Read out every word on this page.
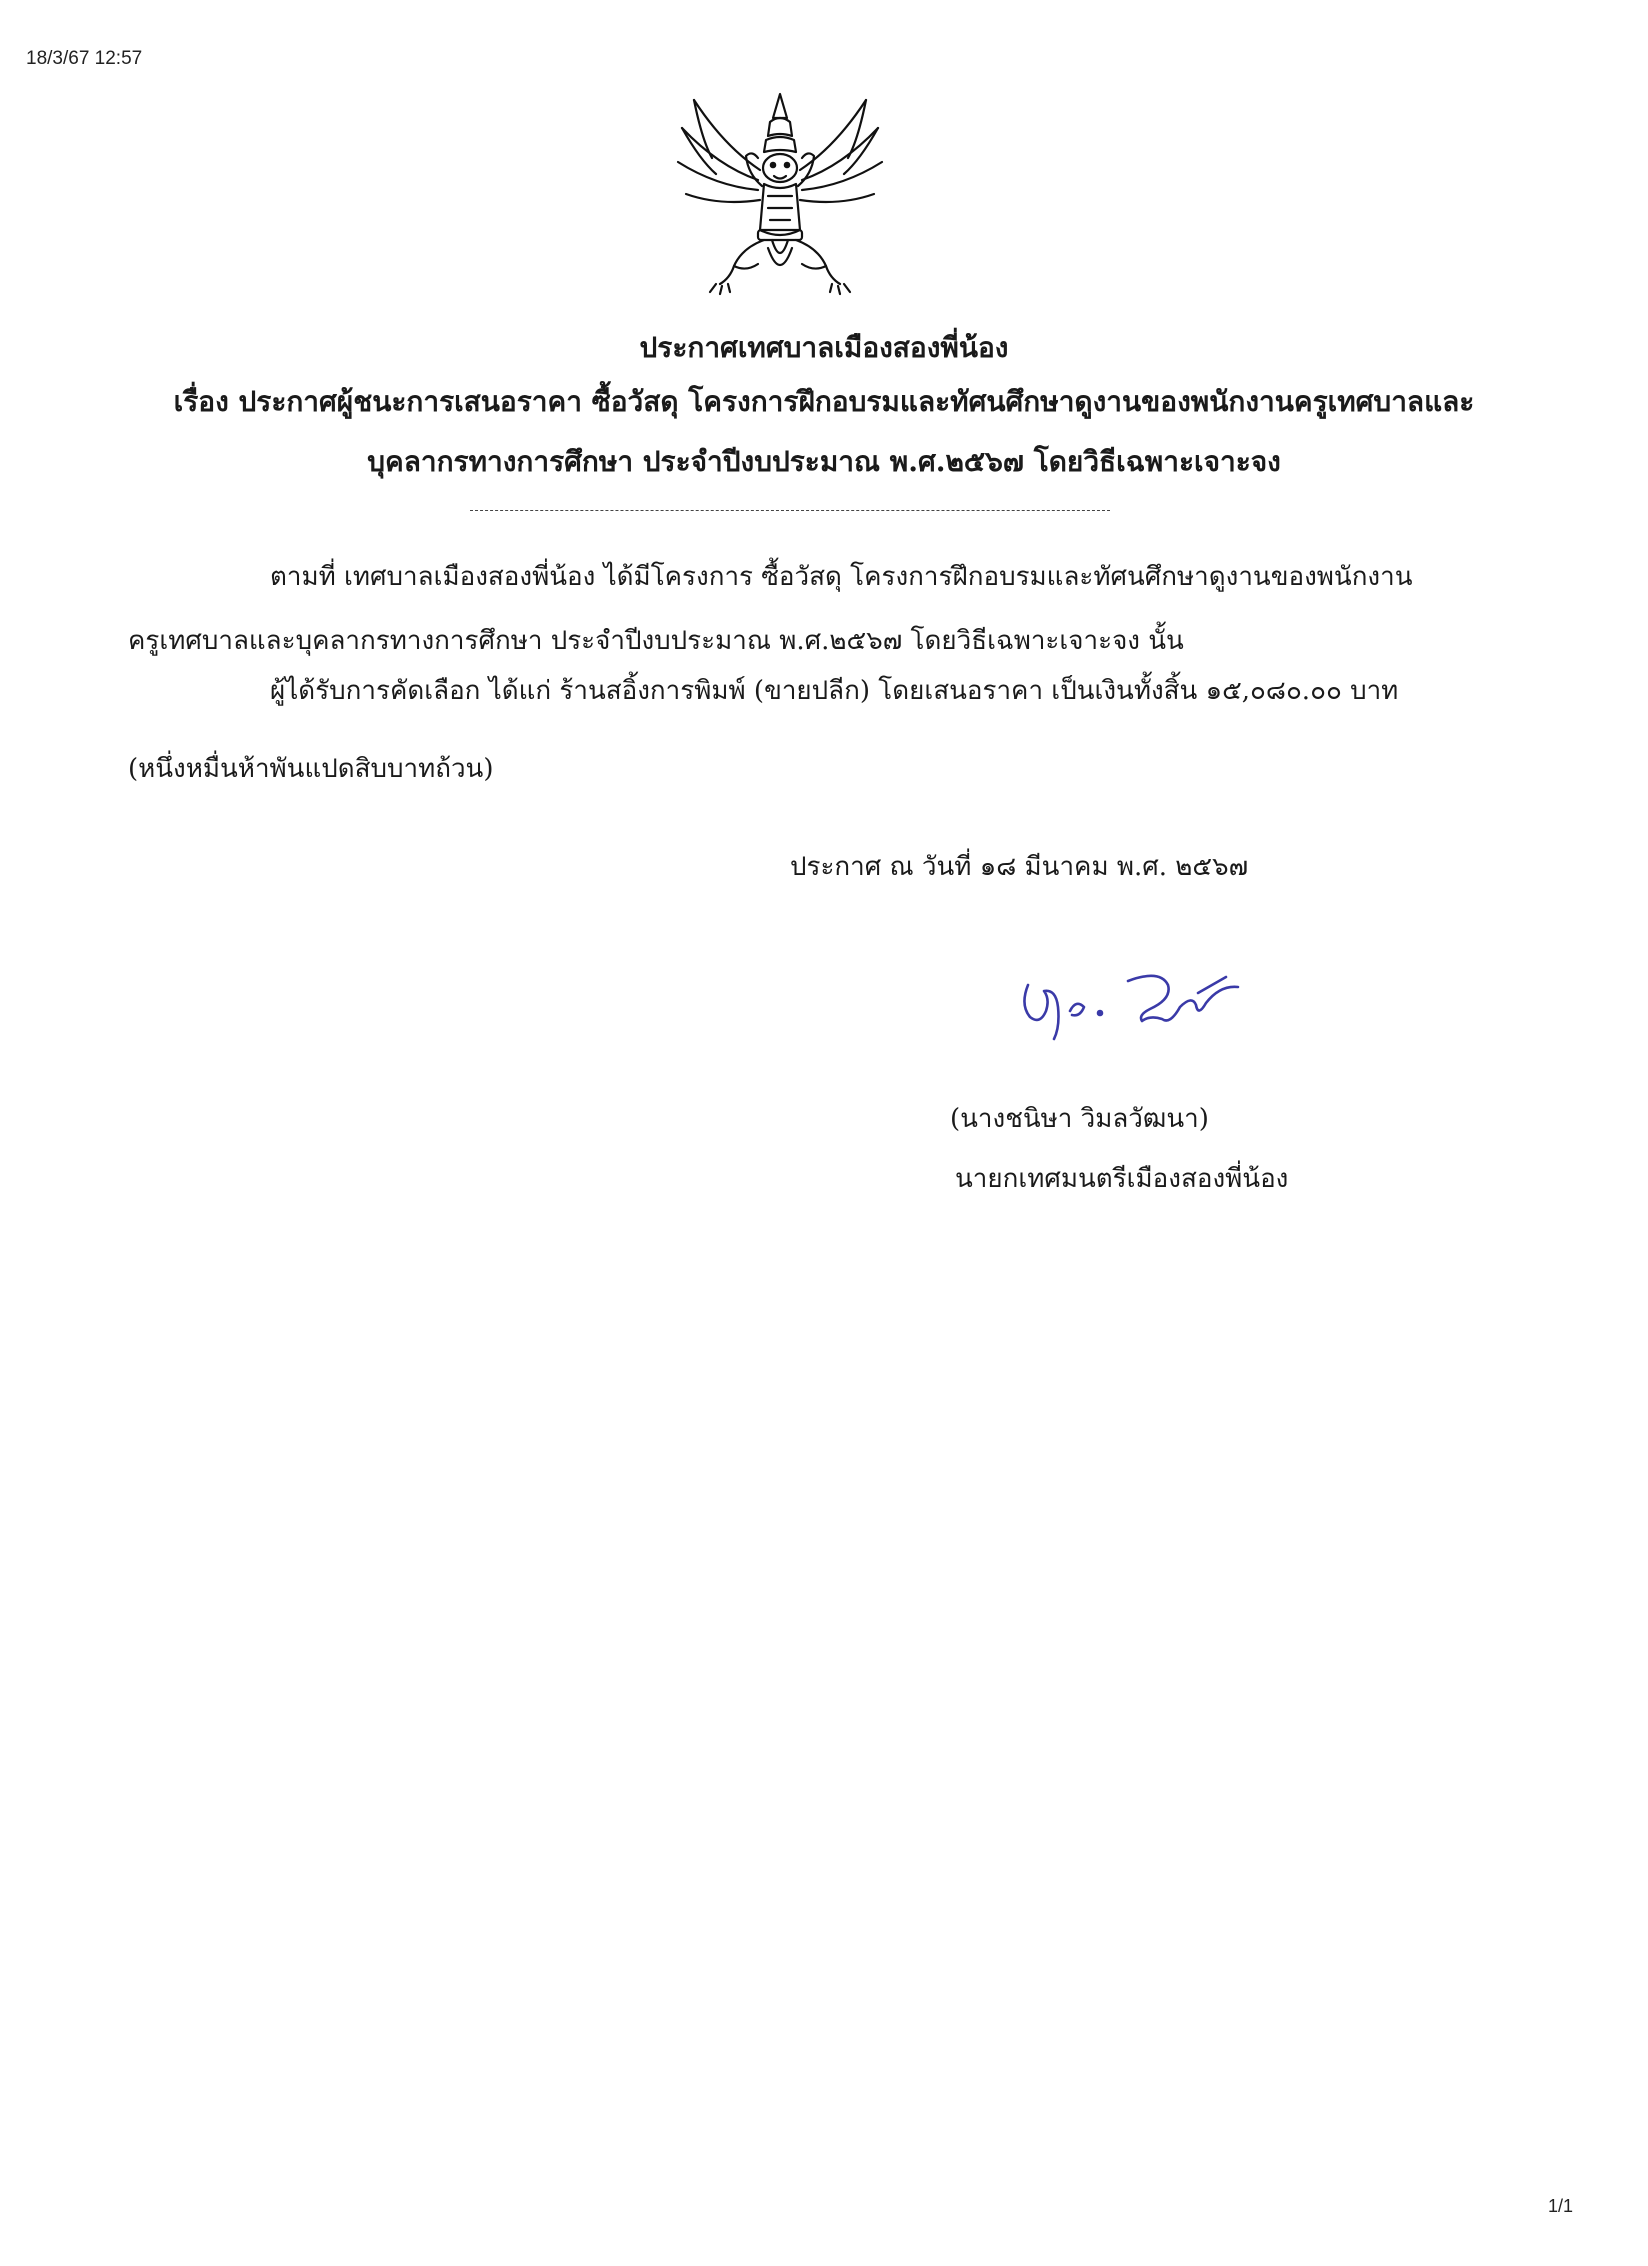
18/3/67 12:57
ประกาศเทศบาลเมืองสองพี่น้อง
เรื่อง ประกาศผู้ชนะการเสนอราคา ซื้อวัสดุ โครงการฝึกอบรมและทัศนศึกษาดูงานของพนักงานครูเทศบาลและ
บุคลากรทางการศึกษา ประจำปีงบประมาณ พ.ศ.๒๕๖๗ โดยวิธีเฉพาะเจาะจง
ตามที่ เทศบาลเมืองสองพี่น้อง ได้มีโครงการ ซื้อวัสดุ โครงการฝึกอบรมและทัศนศึกษาดูงานของพนักงาน
ครูเทศบาลและบุคลากรทางการศึกษา ประจำปีงบประมาณ พ.ศ.๒๕๖๗ โดยวิธีเฉพาะเจาะจง นั้น
ผู้ได้รับการคัดเลือก ได้แก่ ร้านสอิ้งการพิมพ์ (ขายปลีก) โดยเสนอราคา เป็นเงินทั้งสิ้น ๑๕,๐๘๐.๐๐ บาท
(หนึ่งหมื่นห้าพันแปดสิบบาทถ้วน)
ประกาศ ณ วันที่ ๑๘ มีนาคม พ.ศ. ๒๕๖๗
(นางชนิษา วิมลวัฒนา)
นายกเทศมนตรีเมืองสองพี่น้อง
1/1
